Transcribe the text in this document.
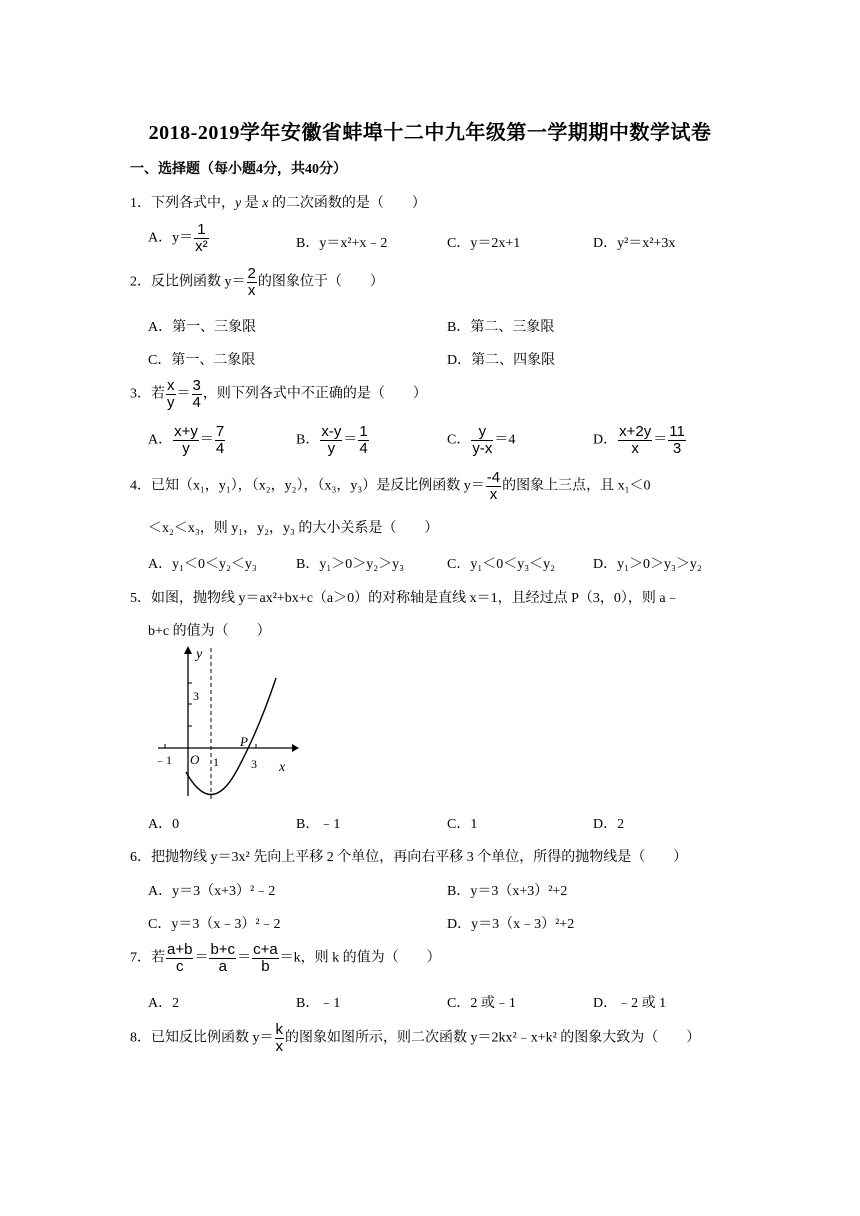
2018-2019学年安徽省蚌埠十二中九年级第一学期期中数学试卷
一、选择题（每小题4分，共40分）
1．下列各式中，y 是 x 的二次函数的是（　　）
A．$y= \frac{1}{\text{x²}}$	B．y＝x²+x﹣2	C．y＝2x+1	D．y²＝x²+3x
2．反比例函数 $y= \frac{2}{x}$ 的图象位于（　　）
A．第一、三象限	B．第二、三象限
C．第一、二象限	D．第二、四象限
3．若 $\frac{x}{y} = \frac{3}{4}$ ，则下列各式中不正确的是（　　）
A． $\frac{x+y}{y} = \frac{7}{4}$	B． $\frac{x-y}{y} = \frac{1}{4}$	C． $\frac{y}{y-x} =4$	D． $\frac{x+2y}{x} = \frac{11}{3}$
4．已知（x₁，y₁），（x₂，y₂），（x₃，y₃）是反比例函数 $y= \frac{-4}{x}$ 的图象上三点，且 x₁＜0
＜x₂＜x₃，则 y₁，y₂，y₃ 的大小关系是（　　）
A．y₁＜0＜y₂＜y₃	B．y₁＞0＞y₂＞y₃	C．y₁＜0＜y₃＜y₂	D．y₁＞0＞y₃＞y₂
5．如图，抛物线 y＝ax²+bx+c（a＞0）的对称轴是直线 x＝1，且经过点 P（3，0），则 a﹣
b+c 的值为（　　）
y
x
O
P
﹣1	1	3
3
A．0	B．﹣1	C．1	D．2
6．把抛物线 y＝3x² 先向上平移 2 个单位，再向右平移 3 个单位，所得的抛物线是（　　）
A．y＝3（x+3）²﹣2	B．y＝3（x+3）²+2
C．y＝3（x﹣3）²﹣2	D．y＝3（x﹣3）²+2
7．若 $\frac{a+b}{c} = \frac{b+c}{a} = \frac{c+a}{b} =k$，则 k 的值为（　　）
A．2	B．﹣1	C．2 或﹣1	D．﹣2 或 1
8．已知反比例函数 $y= \frac{k}{x}$ 的图象如图所示，则二次函数 y＝2kx²﹣x+k² 的图象大致为（　　）
